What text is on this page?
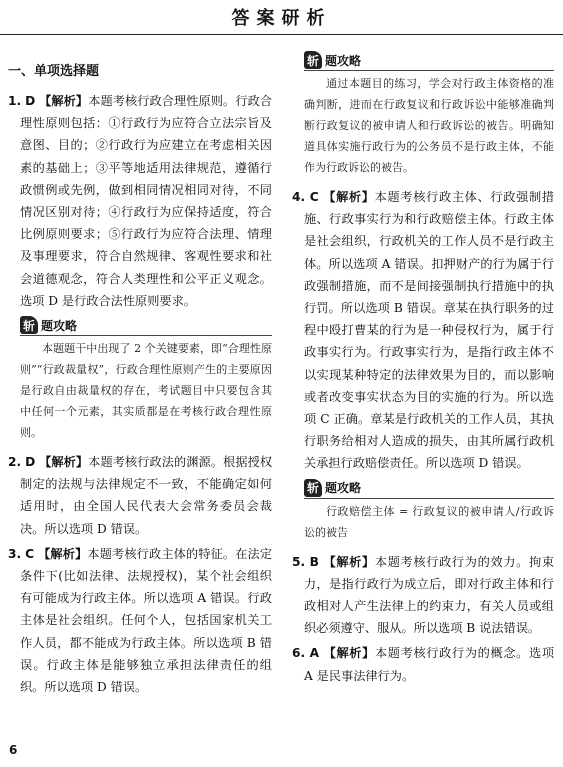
答案研析
一、单项选择题
1. D 【解析】本题考核行政合理性原则。行政合理性原则包括：①行政行为应符合立法宗旨及意图、目的；②行政行为应建立在考虑相关因素的基础上；③平等地适用法律规范，遵循行政惯例或先例，做到相同情况相同对待，不同情况区别对待；④行政行为应保持适度，符合比例原则要求；⑤行政行为应符合法理、情理及事理要求，符合自然规律、客观性要求和社会道德观念，符合人类理性和公平正义观念。选项 D 是行政合法性原则要求。
斩 题攻略
本题题干中出现了 2 个关键要素，即“合理性原则”“行政裁量权”，行政合理性原则产生的主要原因是行政自由裁量权的存在，考试题目中只要包含其中任何一个元素，其实质都是在考核行政合理性原则。
2. D 【解析】本题考核行政法的渊源。根据授权制定的法规与法律规定不一致，不能确定如何适用时，由全国人民代表大会常务委员会裁决。所以选项 D 错误。
3. C 【解析】本题考核行政主体的特征。在法定条件下(比如法律、法规授权)，某个社会组织有可能成为行政主体。所以选项 A 错误。行政主体是社会组织。任何个人，包括国家机关工作人员，都不能成为行政主体。所以选项 B 错误。行政主体是能够独立承担法律责任的组织。所以选项 D 错误。
斩 题攻略
通过本题目的练习，学会对行政主体资格的准确判断，进而在行政复议和行政诉讼中能够准确判断行政复议的被申请人和行政诉讼的被告。明确知道具体实施行政行为的公务员不是行政主体，不能作为行政诉讼的被告。
4. C 【解析】本题考核行政主体、行政强制措施、行政事实行为和行政赔偿主体。行政主体是社会组织，行政机关的工作人员不是行政主体。所以选项 A 错误。扣押财产的行为属于行政强制措施，而不是间接强制执行措施中的执行罚。所以选项 B 错误。章某在执行职务的过程中殴打曹某的行为是一种侵权行为，属于行政事实行为。行政事实行为，是指行政主体不以实现某种特定的法律效果为目的，而以影响或者改变事实状态为目的实施的行为。所以选项 C 正确。章某是行政机关的工作人员，其执行职务给相对人造成的损失，由其所属行政机关承担行政赔偿责任。所以选项 D 错误。
斩 题攻略
行政赔偿主体 = 行政复议的被申请人/行政诉讼的被告
5. B 【解析】本题考核行政行为的效力。拘束力，是指行政行为成立后，即对行政主体和行政相对人产生法律上的约束力，有关人员或组织必须遵守、服从。所以选项 B 说法错误。
6. A 【解析】本题考核行政行为的概念。选项 A 是民事法律行为。
6
